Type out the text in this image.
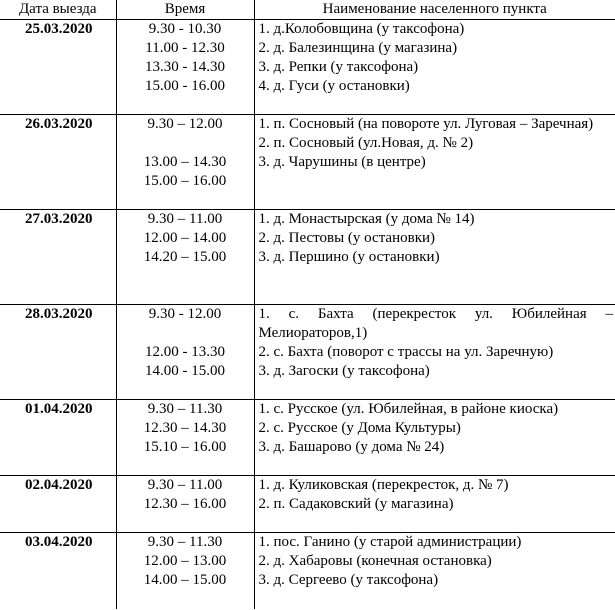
Дата выезда	Время	Наименование населенного пункта
25.03.2020	9.30 - 10.30
11.00 - 12.30
13.30 - 14.30
15.00 - 16.00	1. д.Колобовщина (у таксофона)
2. д. Балезинщина (у магазина)
3. д. Репки (у таксофона)
4. д. Гуси (у остановки)

26.03.2020	9.30 – 12.00
13.00 – 14.30
15.00 – 16.00	1. п. Сосновый (на повороте ул. Луговая – Заречная)
2. п. Сосновый (ул.Новая, д. № 2)
3. д. Чарушины (в центре)

27.03.2020	9.30 – 11.00
12.00 – 14.00
14.20 – 15.00	1. д. Монастырская (у дома № 14)
2. д. Пестовы (у остановки)
3. д. Першино (у остановки)

28.03.2020	9.30 - 12.00
12.00 - 13.30
14.00 - 15.00	1. с. Бахта (перекресток ул. Юбилейная – Мелиораторов,1)
2. с. Бахта (поворот с трассы на ул. Заречную)
3. д. Загоски (у таксофона)

01.04.2020	9.30 – 11.30
12.30 – 14.30
15.10 – 16.00	1. с. Русское (ул. Юбилейная, в районе киоска)
2. с. Русское (у Дома Культуры)
3. д. Башарово (у дома № 24)

02.04.2020	9.30 – 11.00
12.30 – 16.00	1. д. Куликовская (перекресток, д. № 7)
2. п. Садаковский (у магазина)

03.04.2020	9.30 – 11.30
12.00 – 13.00
14.00 – 15.00	1. пос. Ганино (у старой администрации)
2. д. Хабаровы (конечная остановка)
3. д. Сергеево (у таксофона)
